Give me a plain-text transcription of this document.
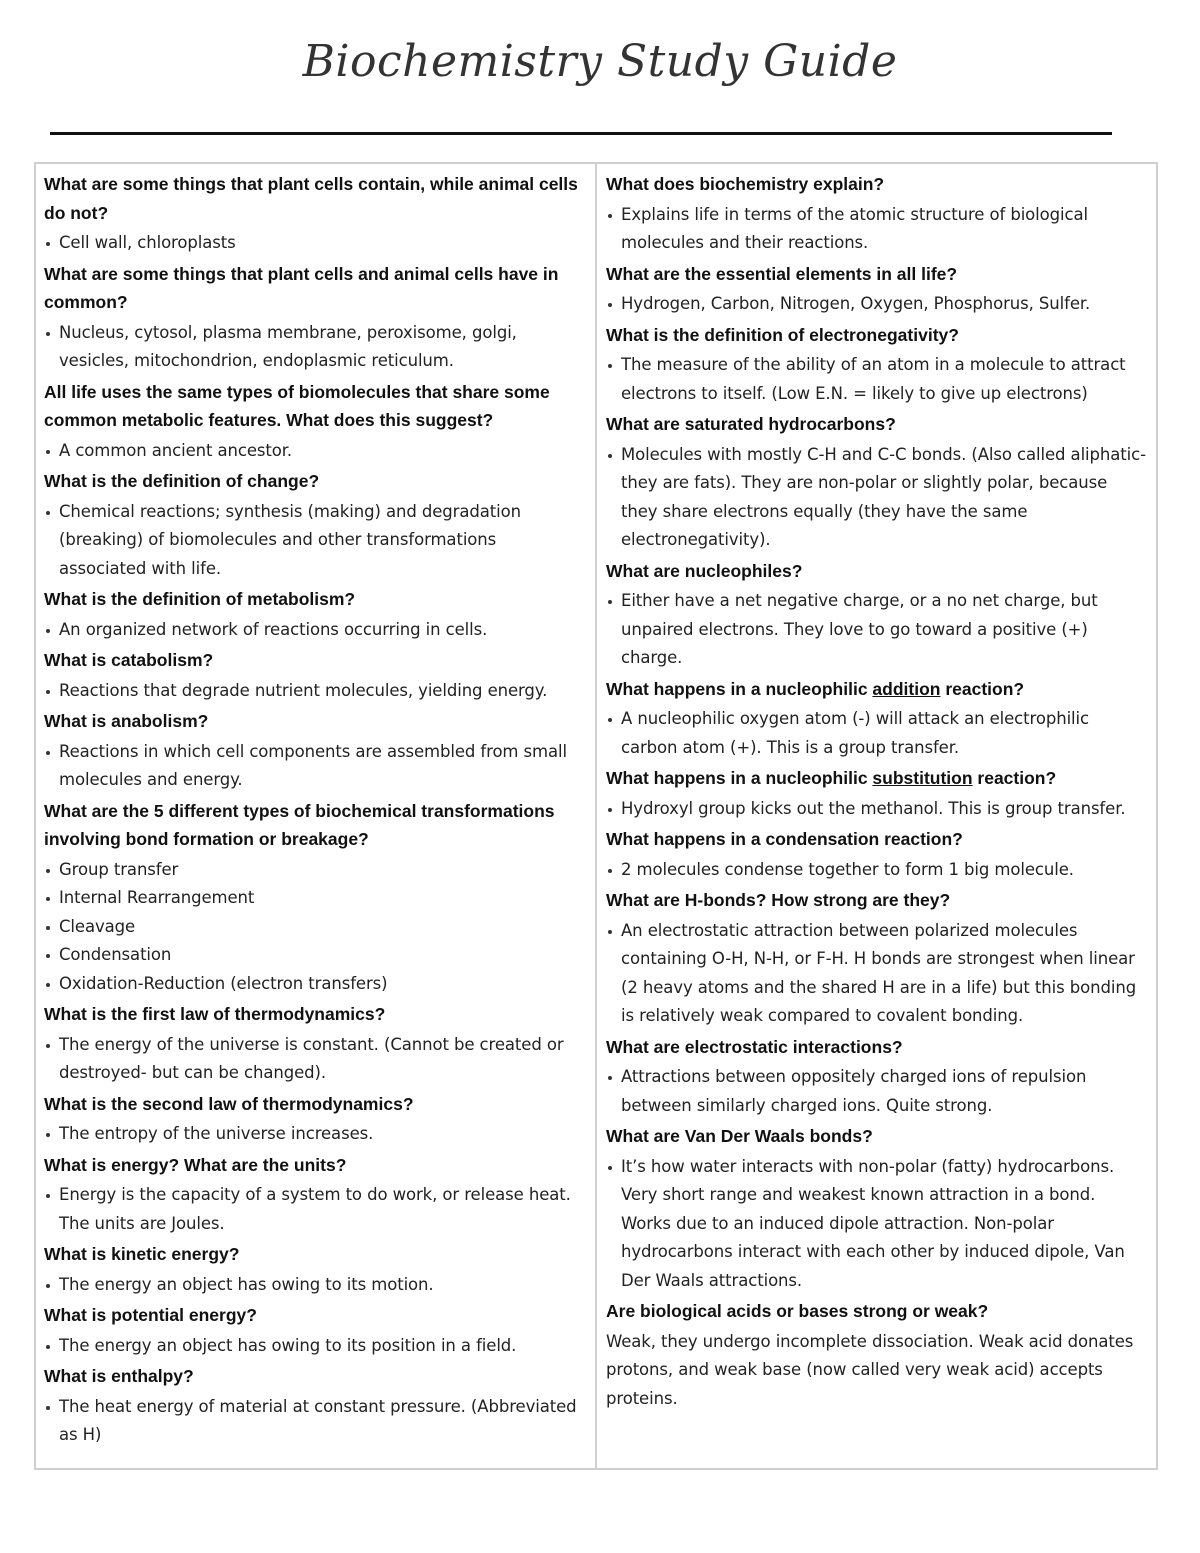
Biochemistry Study Guide
What are some things that plant cells contain, while animal cells do not?
Cell wall, chloroplasts
What are some things that plant cells and animal cells have in common?
Nucleus, cytosol, plasma membrane, peroxisome, golgi, vesicles, mitochondrion, endoplasmic reticulum.
All life uses the same types of biomolecules that share some common metabolic features. What does this suggest?
A common ancient ancestor.
What is the definition of change?
Chemical reactions; synthesis (making) and degradation (breaking) of biomolecules and other transformations associated with life.
What is the definition of metabolism?
An organized network of reactions occurring in cells.
What is catabolism?
Reactions that degrade nutrient molecules, yielding energy.
What is anabolism?
Reactions in which cell components are assembled from small molecules and energy.
What are the 5 different types of biochemical transformations involving bond formation or breakage?
Group transfer
Internal Rearrangement
Cleavage
Condensation
Oxidation-Reduction (electron transfers)
What is the first law of thermodynamics?
The energy of the universe is constant. (Cannot be created or destroyed- but can be changed).
What is the second law of thermodynamics?
The entropy of the universe increases.
What is energy? What are the units?
Energy is the capacity of a system to do work, or release heat. The units are Joules.
What is kinetic energy?
The energy an object has owing to its motion.
What is potential energy?
The energy an object has owing to its position in a field.
What is enthalpy?
The heat energy of material at constant pressure. (Abbreviated as H)
What does biochemistry explain?
Explains life in terms of the atomic structure of biological molecules and their reactions.
What are the essential elements in all life?
Hydrogen, Carbon, Nitrogen, Oxygen, Phosphorus, Sulfer.
What is the definition of electronegativity?
The measure of the ability of an atom in a molecule to attract electrons to itself. (Low E.N. = likely to give up electrons)
What are saturated hydrocarbons?
Molecules with mostly C-H and C-C bonds. (Also called aliphatic- they are fats). They are non-polar or slightly polar, because they share electrons equally (they have the same electronegativity).
What are nucleophiles?
Either have a net negative charge, or a no net charge, but unpaired electrons. They love to go toward a positive (+) charge.
What happens in a nucleophilic addition reaction?
A nucleophilic oxygen atom (-) will attack an electrophilic carbon atom (+). This is a group transfer.
What happens in a nucleophilic substitution reaction?
Hydroxyl group kicks out the methanol. This is group transfer.
What happens in a condensation reaction?
2 molecules condense together to form 1 big molecule.
What are H-bonds? How strong are they?
An electrostatic attraction between polarized molecules containing O-H, N-H, or F-H. H bonds are strongest when linear (2 heavy atoms and the shared H are in a life) but this bonding is relatively weak compared to covalent bonding.
What are electrostatic interactions?
Attractions between oppositely charged ions of repulsion between similarly charged ions. Quite strong.
What are Van Der Waals bonds?
It’s how water interacts with non-polar (fatty) hydrocarbons. Very short range and weakest known attraction in a bond. Works due to an induced dipole attraction. Non-polar hydrocarbons interact with each other by induced dipole, Van Der Waals attractions.
Are biological acids or bases strong or weak?
Weak, they undergo incomplete dissociation. Weak acid donates protons, and weak base (now called very weak acid) accepts proteins.
